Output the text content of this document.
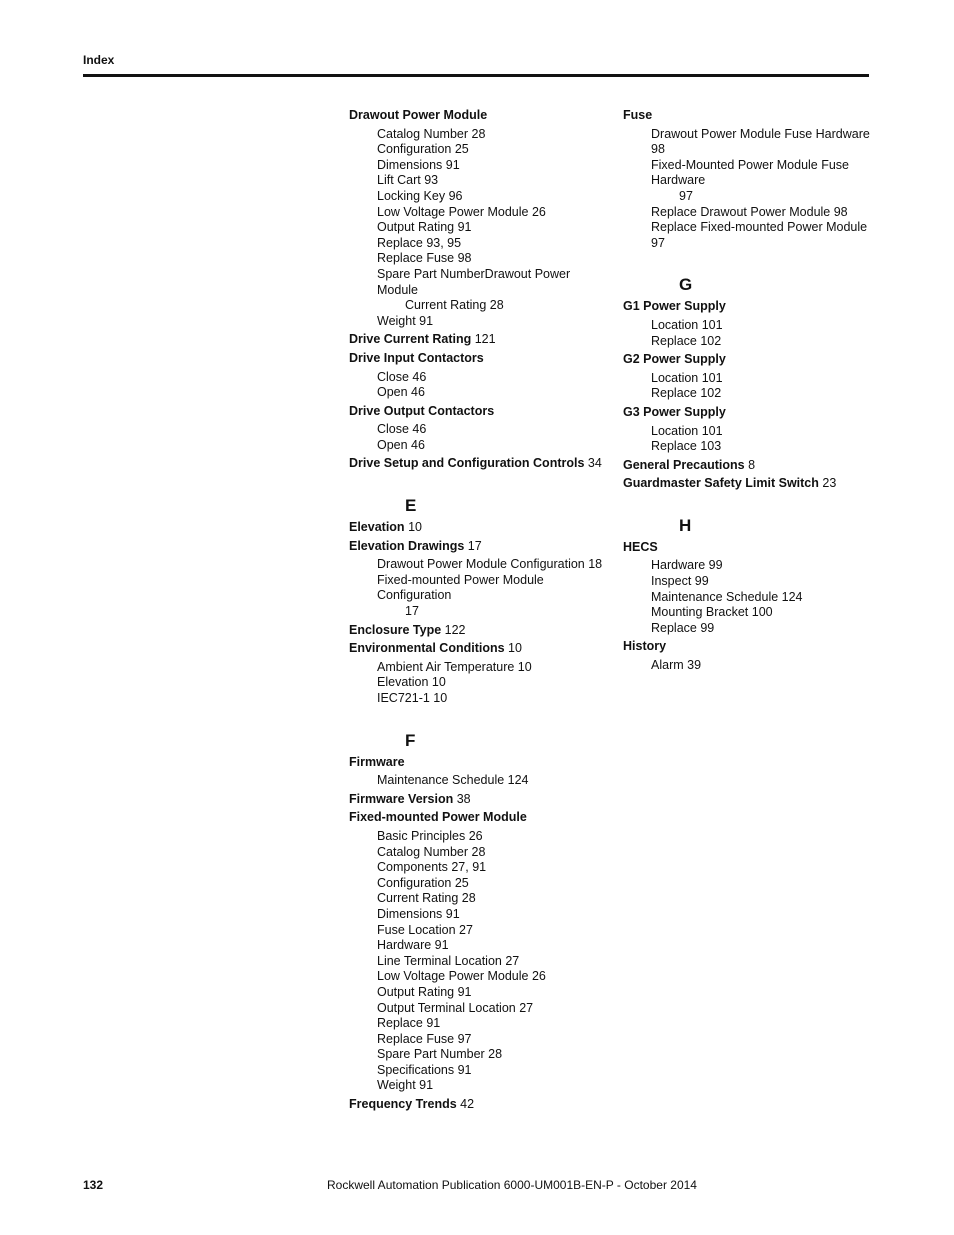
Index
Drawout Power Module
Catalog Number 28
Configuration 25
Dimensions 91
Lift Cart 93
Locking Key 96
Low Voltage Power Module 26
Output Rating 91
Replace 93, 95
Replace Fuse 98
Spare Part NumberDrawout Power Module
Current Rating 28
Weight 91
Drive Current Rating 121
Drive Input Contactors
Close 46
Open 46
Drive Output Contactors
Close 46
Open 46
Drive Setup and Configuration Controls 34
E
Elevation 10
Elevation Drawings 17
Drawout Power Module Configuration 18
Fixed-mounted Power Module Configuration
17
Enclosure Type 122
Environmental Conditions 10
Ambient Air Temperature 10
Elevation 10
IEC721-1 10
F
Firmware
Maintenance Schedule 124
Firmware Version 38
Fixed-mounted Power Module
Basic Principles 26
Catalog Number 28
Components 27, 91
Configuration 25
Current Rating 28
Dimensions 91
Fuse Location 27
Hardware 91
Line Terminal Location 27
Low Voltage Power Module 26
Output Rating 91
Output Terminal Location 27
Replace 91
Replace Fuse 97
Spare Part Number 28
Specifications 91
Weight 91
Frequency Trends 42
Fuse
Drawout Power Module Fuse Hardware 98
Fixed-Mounted Power Module Fuse Hardware
97
Replace Drawout Power Module 98
Replace Fixed-mounted Power Module 97
G
G1 Power Supply
Location 101
Replace 102
G2 Power Supply
Location 101
Replace 102
G3 Power Supply
Location 101
Replace 103
General Precautions 8
Guardmaster Safety Limit Switch 23
H
HECS
Hardware 99
Inspect 99
Maintenance Schedule 124
Mounting Bracket 100
Replace 99
History
Alarm 39
132	Rockwell Automation Publication 6000-UM001B-EN-P - October 2014
